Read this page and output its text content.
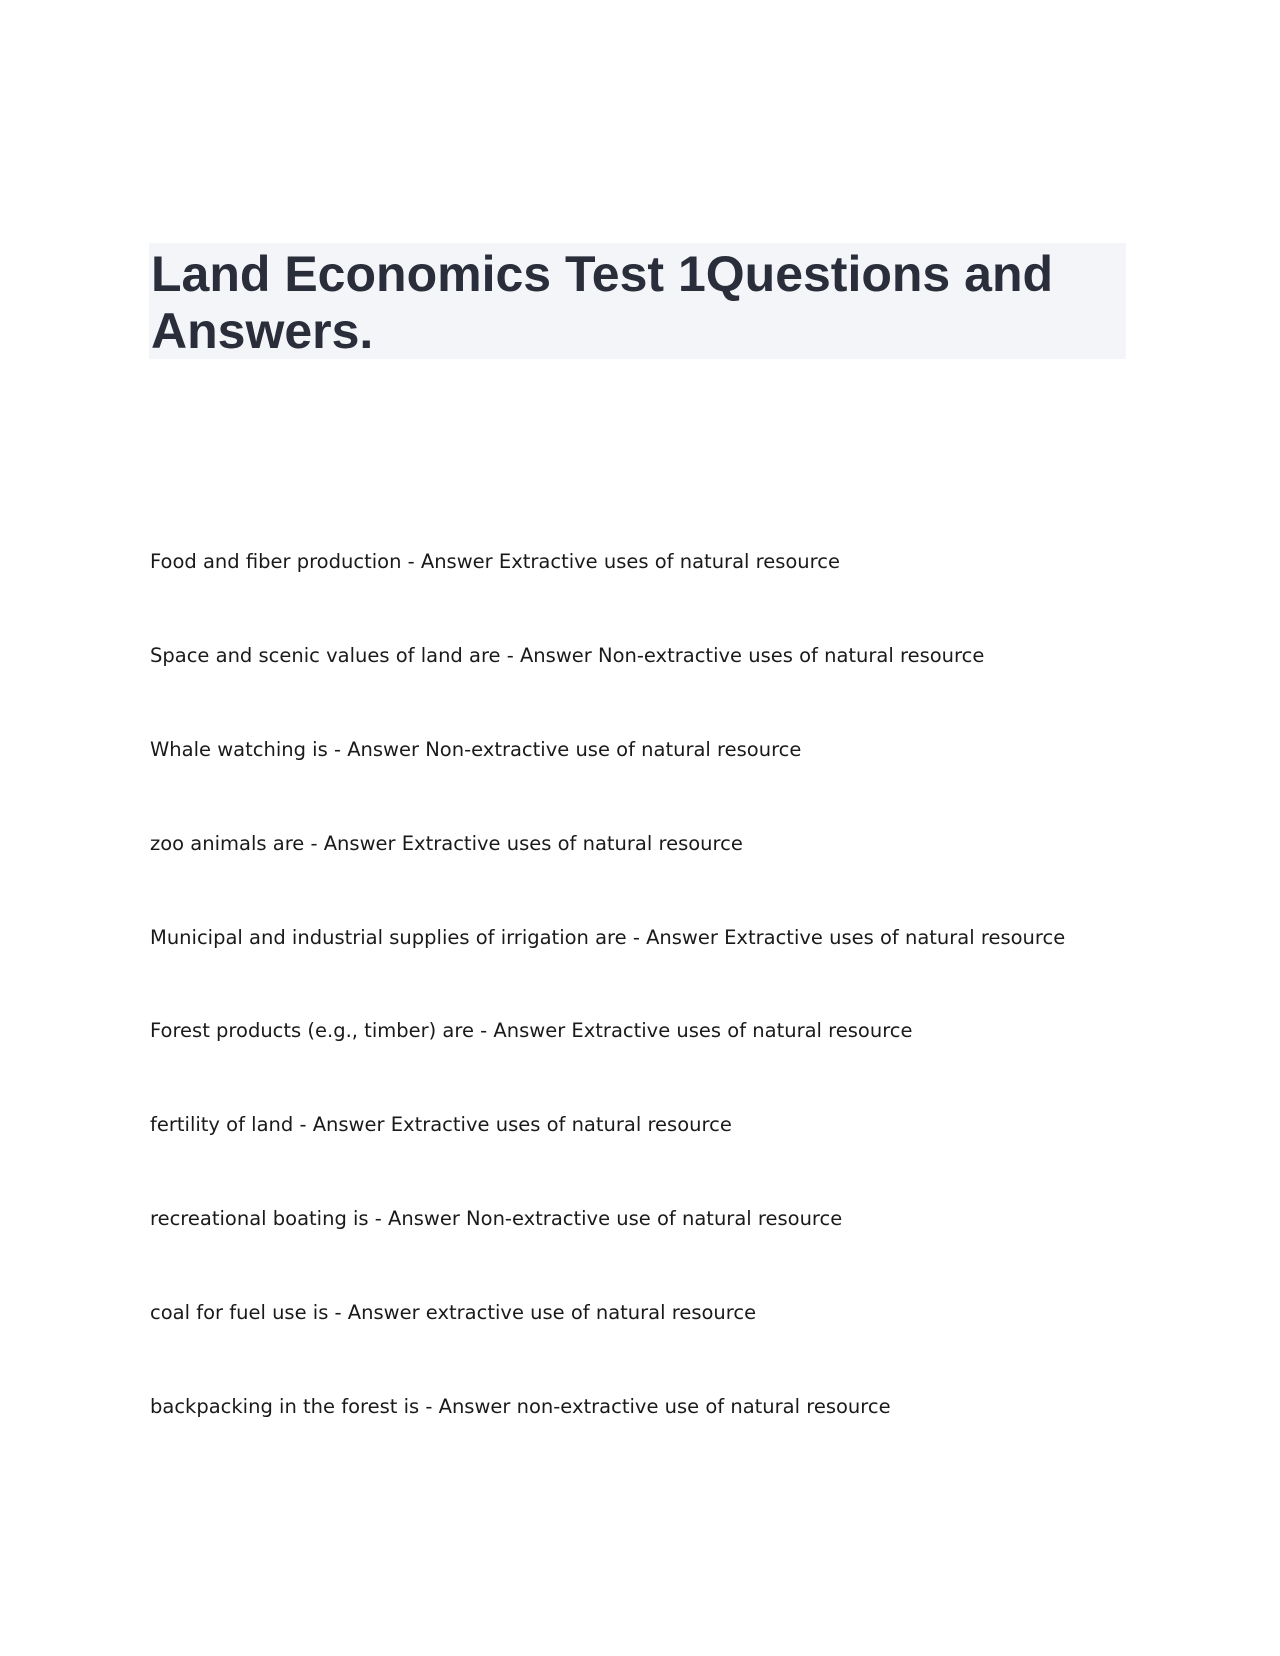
Land Economics Test 1Questions and Answers.
Food and fiber production - Answer Extractive uses of natural resource
Space and scenic values of land are - Answer Non-extractive uses of natural resource
Whale watching is - Answer Non-extractive use of natural resource
zoo animals are - Answer Extractive uses of natural resource
Municipal and industrial supplies of irrigation are - Answer Extractive uses of natural resource
Forest products (e.g., timber) are - Answer Extractive uses of natural resource
fertility of land - Answer Extractive uses of natural resource
recreational boating is - Answer Non-extractive use of natural resource
coal for fuel use is - Answer extractive use of natural resource
backpacking in the forest is - Answer non-extractive use of natural resource
